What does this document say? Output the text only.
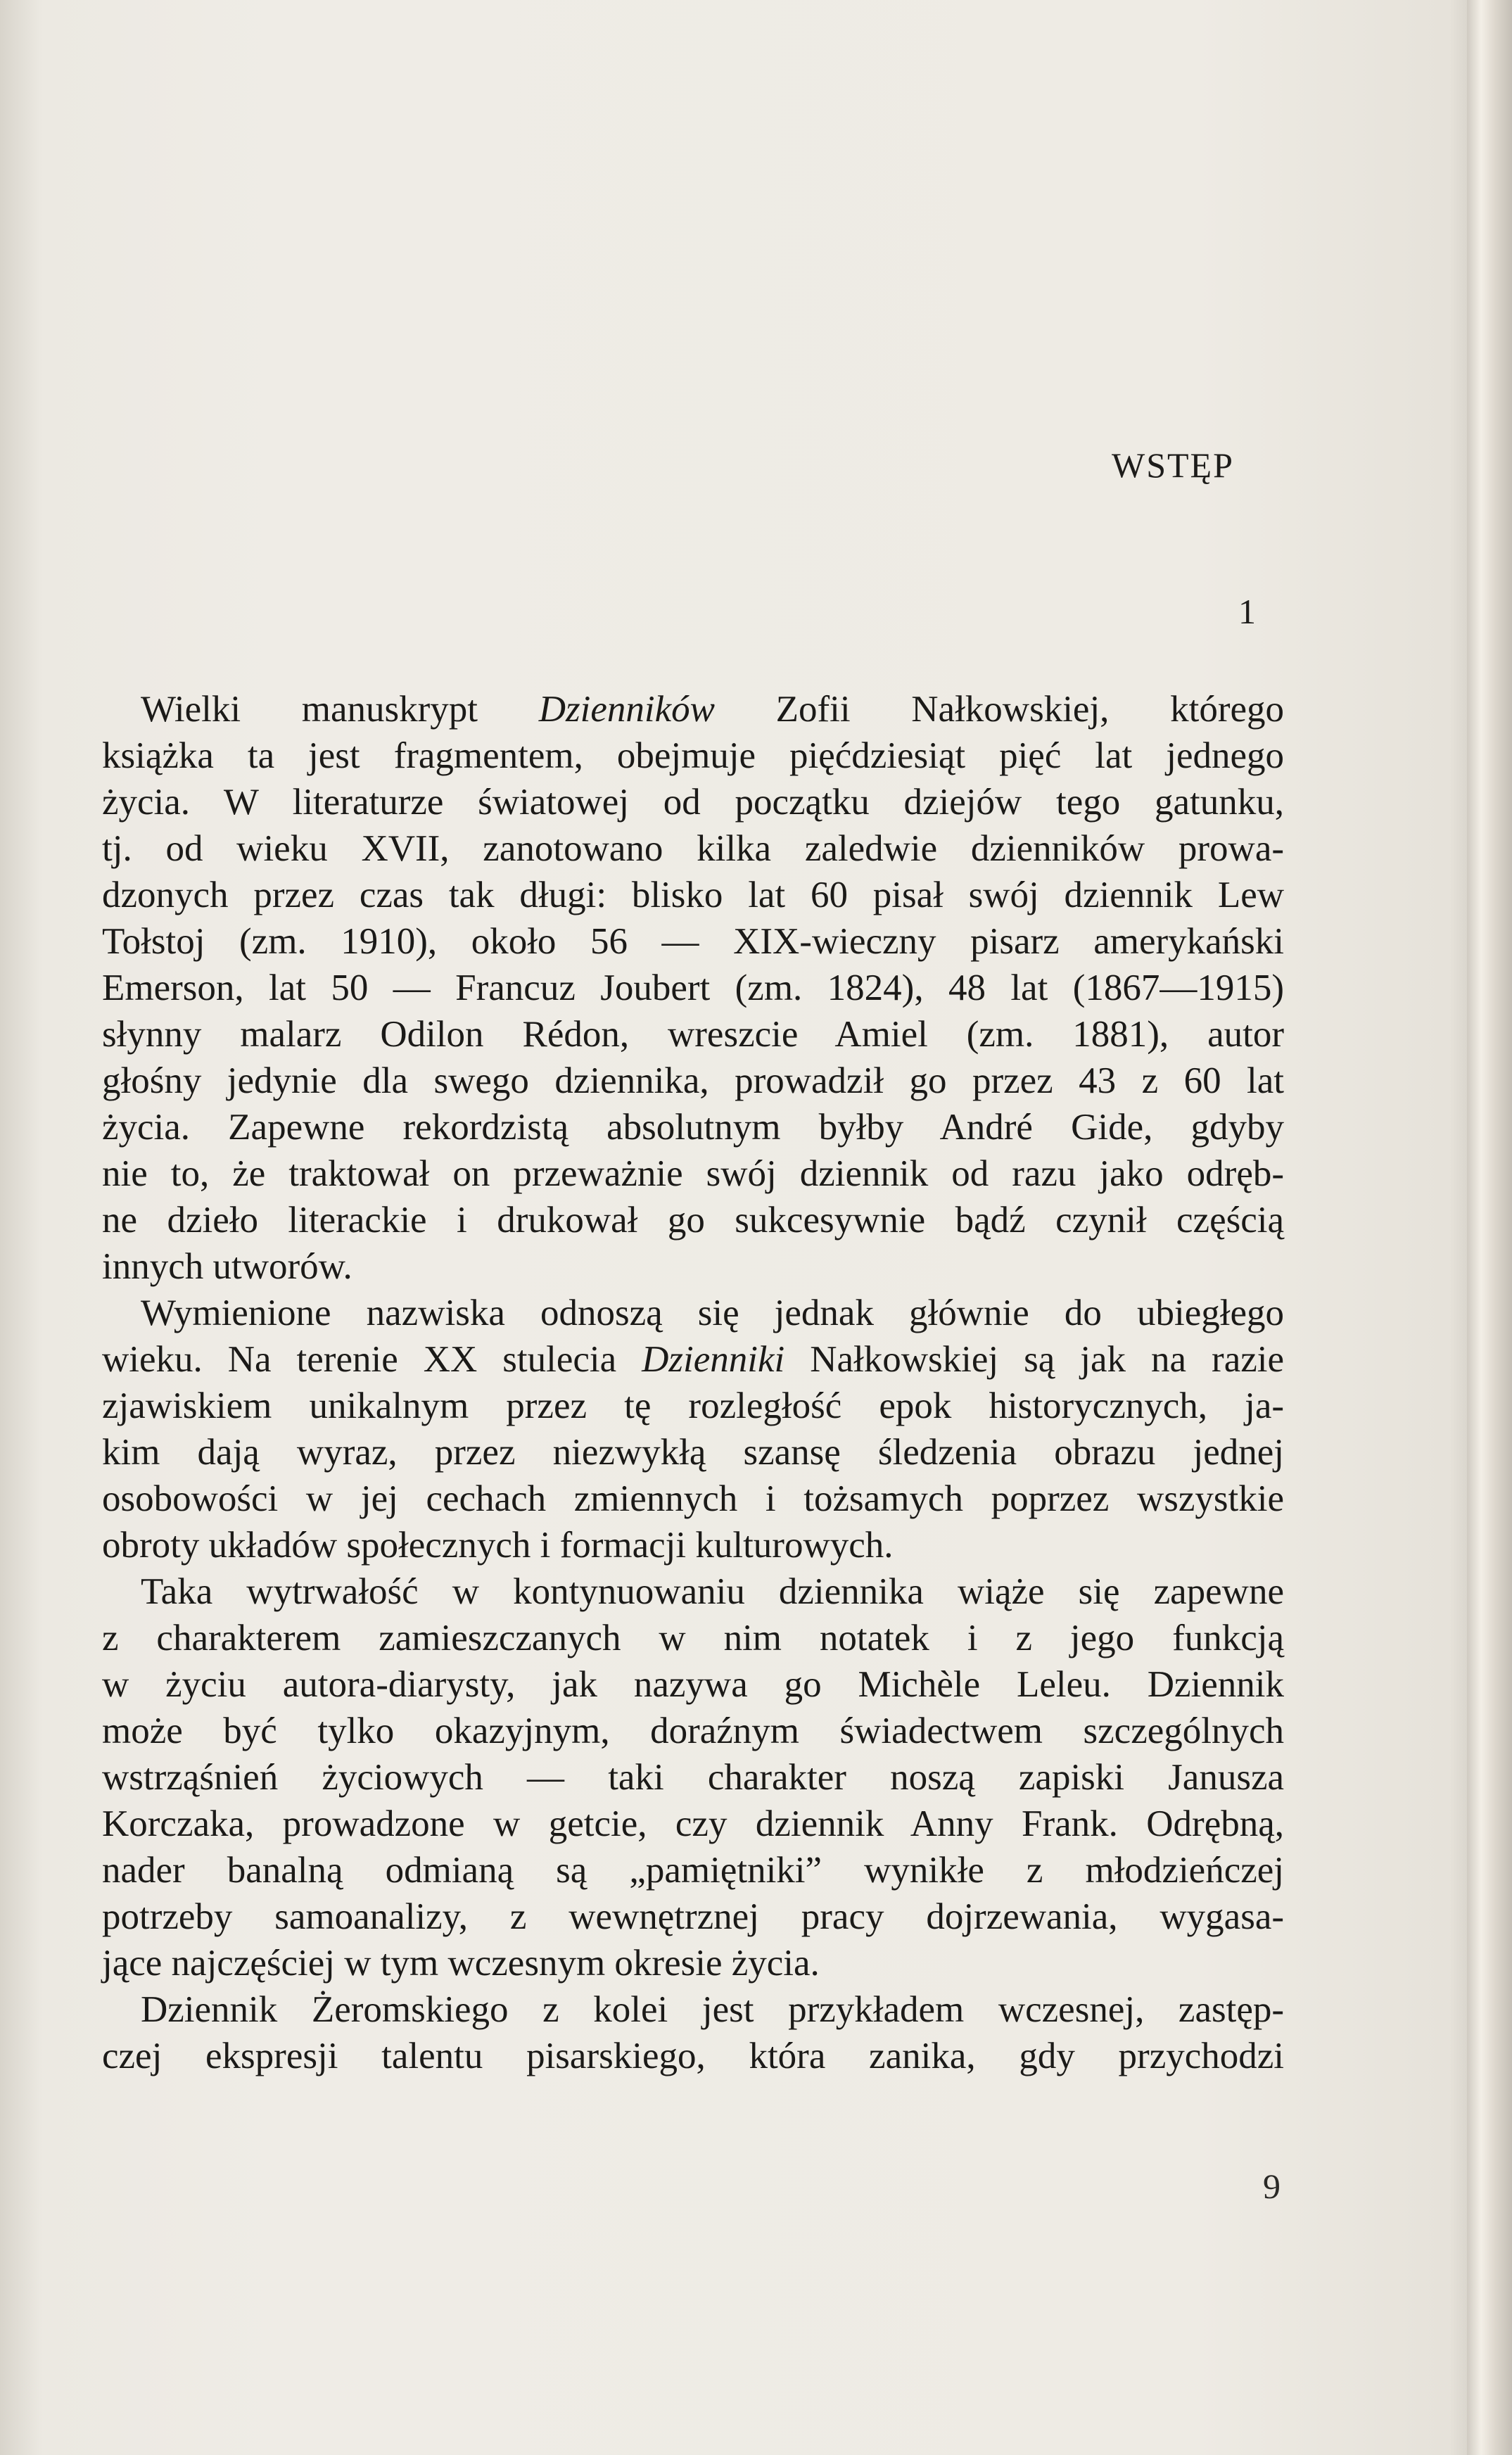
WSTĘP
1

Wielki manuskrypt Dzienników Zofii Nałkowskiej, którego
książka ta jest fragmentem, obejmuje pięćdziesiąt pięć lat jednego
życia. W literaturze światowej od początku dziejów tego gatunku,
tj. od wieku XVII, zanotowano kilka zaledwie dzienników prowa-
dzonych przez czas tak długi: blisko lat 60 pisał swój dziennik Lew
Tołstoj (zm. 1910), około 56 — XIX-wieczny pisarz amerykański
Emerson, lat 50 — Francuz Joubert (zm. 1824), 48 lat (1867—1915)
słynny malarz Odilon Rédon, wreszcie Amiel (zm. 1881), autor
głośny jedynie dla swego dziennika, prowadził go przez 43 z 60 lat
życia. Zapewne rekordzistą absolutnym byłby André Gide, gdyby
nie to, że traktował on przeważnie swój dziennik od razu jako odręb-
ne dzieło literackie i drukował go sukcesywnie bądź czynił częścią
innych utworów.

Wymienione nazwiska odnoszą się jednak głównie do ubiegłego
wieku. Na terenie XX stulecia Dzienniki Nałkowskiej są jak na razie
zjawiskiem unikalnym przez tę rozległość epok historycznych, ja-
kim dają wyraz, przez niezwykłą szansę śledzenia obrazu jednej
osobowości w jej cechach zmiennych i tożsamych poprzez wszystkie
obroty układów społecznych i formacji kulturowych.

Taka wytrwałość w kontynuowaniu dziennika wiąże się zapewne
z charakterem zamieszczanych w nim notatek i z jego funkcją
w życiu autora-diarysty, jak nazywa go Michèle Leleu. Dziennik
może być tylko okazyjnym, doraźnym świadectwem szczególnych
wstrząśnień życiowych — taki charakter noszą zapiski Janusza
Korczaka, prowadzone w getcie, czy dziennik Anny Frank. Odrębną,
nader banalną odmianą są „pamiętniki” wynikłe z młodzieńczej
potrzeby samoanalizy, z wewnętrznej pracy dojrzewania, wygasa-
jące najczęściej w tym wczesnym okresie życia.

Dziennik Żeromskiego z kolei jest przykładem wczesnej, zastęp-
czej ekspresji talentu pisarskiego, która zanika, gdy przychodzi

9
